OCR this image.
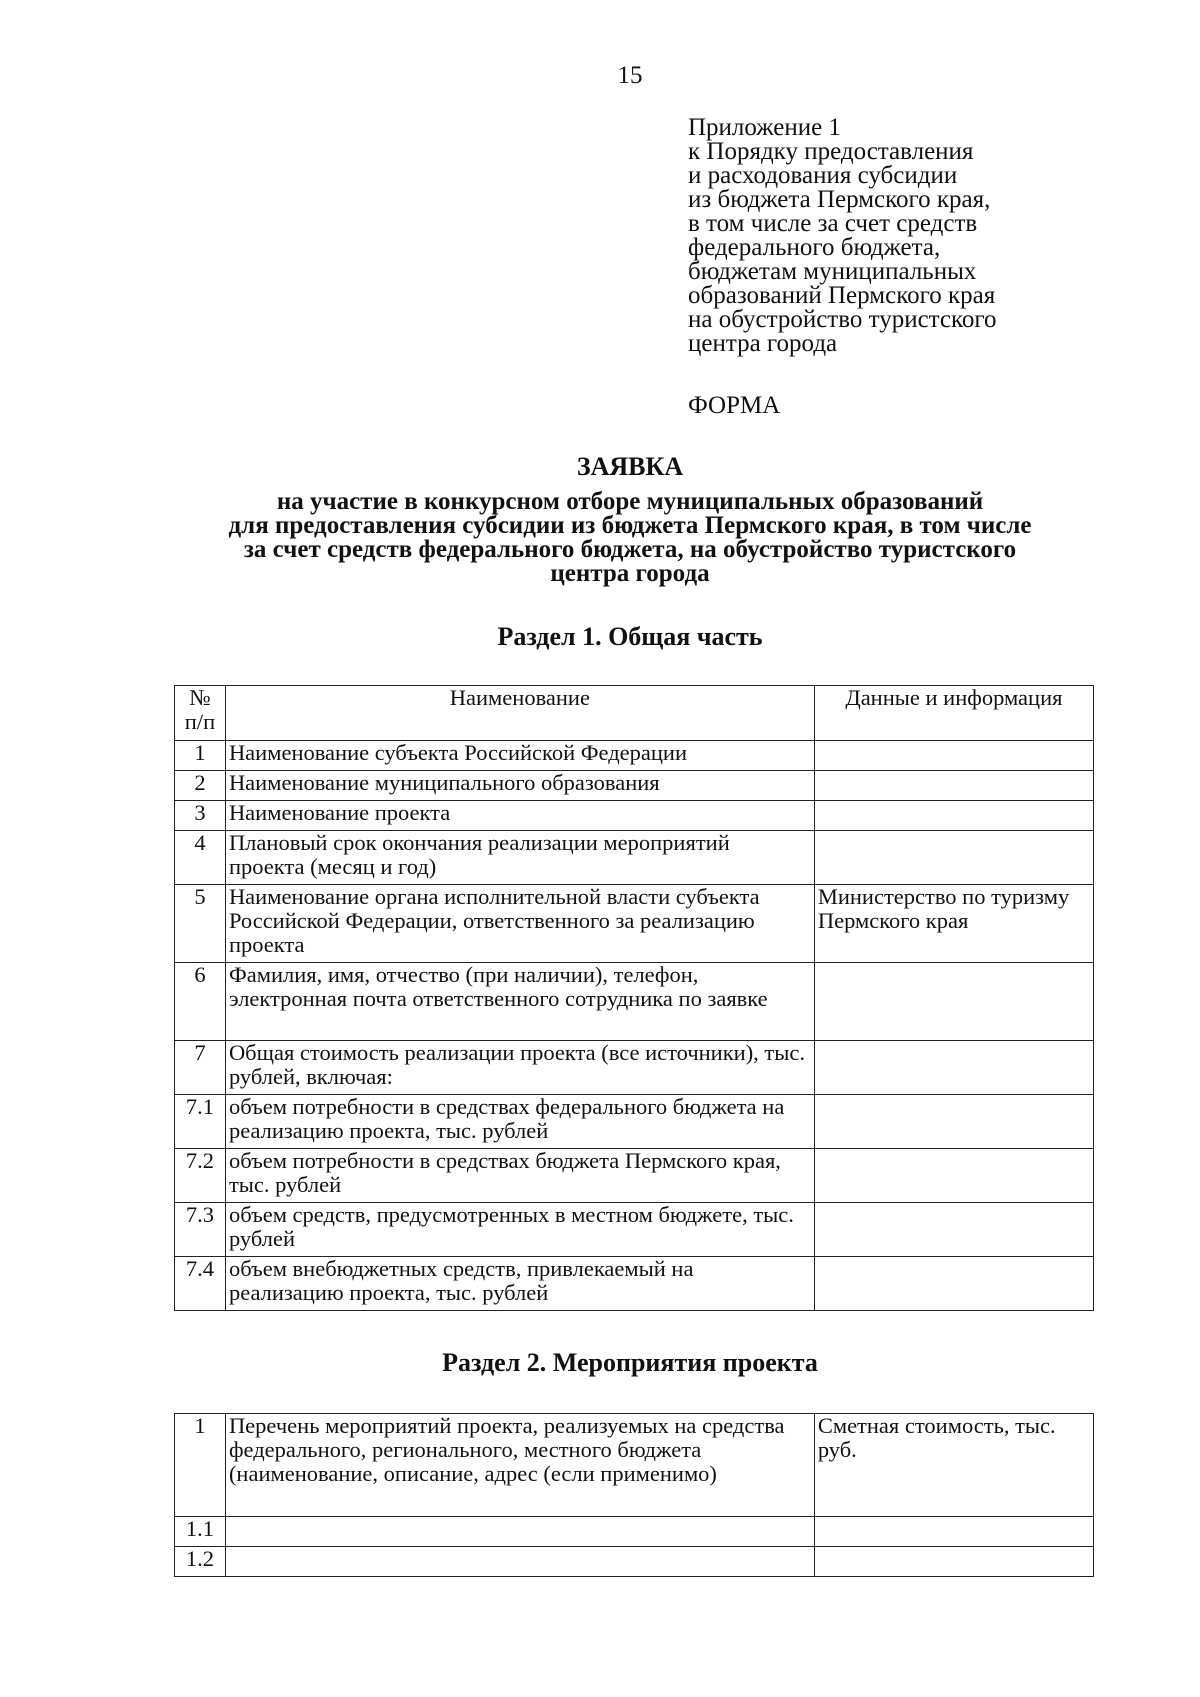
15
Приложение 1
к Порядку предоставления
и расходования субсидии
из бюджета Пермского края,
в том числе за счет средств
федерального бюджета,
бюджетам муниципальных
образований Пермского края
на обустройство туристского
центра города
ФОРМА
ЗАЯВКА
на участие в конкурсном отборе муниципальных образований
для предоставления субсидии из бюджета Пермского края, в том числе
за счет средств федерального бюджета, на обустройство туристского
центра города
Раздел 1. Общая часть
№ п/п	Наименование	Данные и информация
1	Наименование субъекта Российской Федерации	
2	Наименование муниципального образования	
3	Наименование проекта	
4	Плановый срок окончания реализации мероприятий проекта (месяц и год)	
5	Наименование органа исполнительной власти субъекта Российской Федерации, ответственного за реализацию проекта	Министерство по туризму Пермского края
6	Фамилия, имя, отчество (при наличии), телефон, электронная почта ответственного сотрудника по заявке	
7	Общая стоимость реализации проекта (все источники), тыс. рублей, включая:	
7.1	объем потребности в средствах федерального бюджета на реализацию проекта, тыс. рублей	
7.2	объем потребности в средствах бюджета Пермского края, тыс. рублей	
7.3	объем средств, предусмотренных в местном бюджете, тыс. рублей	
7.4	объем внебюджетных средств, привлекаемый на реализацию проекта, тыс. рублей	
Раздел 2. Мероприятия проекта
1	Перечень мероприятий проекта, реализуемых на средства федерального, регионального, местного бюджета (наименование, описание, адрес (если применимо)	Сметная стоимость, тыс. руб.
1.1		
1.2		
